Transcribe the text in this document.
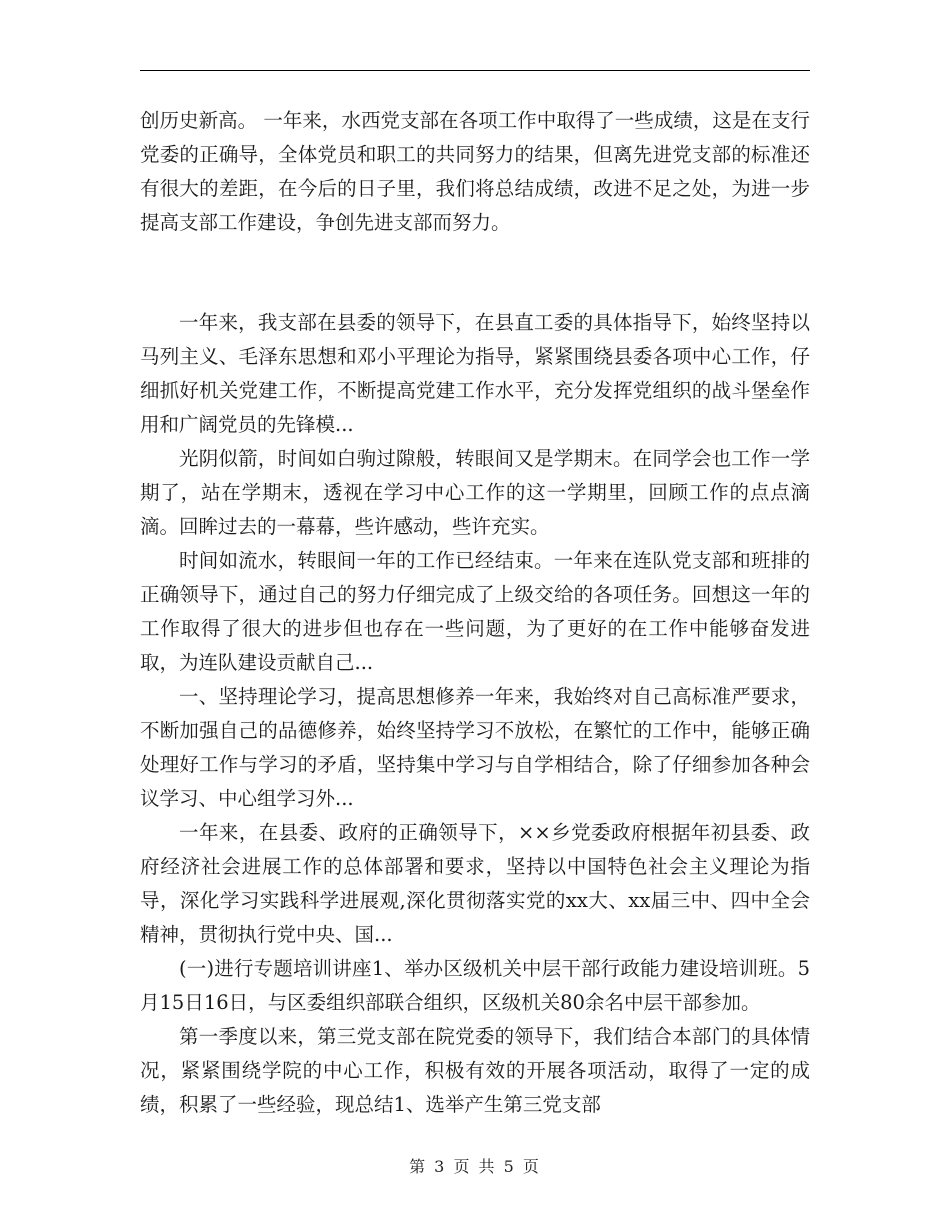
创历史新高。 一年来，水西党支部在各项工作中取得了一些成绩，这是在支行党委的正确导，全体党员和职工的共同努力的结果，但离先进党支部的标准还有很大的差距，在今后的日子里，我们将总结成绩，改进不足之处，为进一步提高支部工作建设，争创先进支部而努力。

一年来，我支部在县委的领导下，在县直工委的具体指导下，始终坚持以马列主义、毛泽东思想和邓小平理论为指导，紧紧围绕县委各项中心工作，仔细抓好机关党建工作，不断提高党建工作水平，充分发挥党组织的战斗堡垒作用和广阔党员的先锋模...

光阴似箭，时间如白驹过隙般，转眼间又是学期末。在同学会也工作一学期了，站在学期末，透视在学习中心工作的这一学期里，回顾工作的点点滴滴。回眸过去的一幕幕，些许感动，些许充实。

时间如流水，转眼间一年的工作已经结束。一年来在连队党支部和班排的正确领导下，通过自己的努力仔细完成了上级交给的各项任务。回想这一年的工作取得了很大的进步但也存在一些问题，为了更好的在工作中能够奋发进取，为连队建设贡献自己...

一、坚持理论学习，提高思想修养一年来，我始终对自己高标准严要求，不断加强自己的品德修养，始终坚持学习不放松，在繁忙的工作中，能够正确处理好工作与学习的矛盾，坚持集中学习与自学相结合，除了仔细参加各种会议学习、中心组学习外...

一年来，在县委、政府的正确领导下，××乡党委政府根据年初县委、政府经济社会进展工作的总体部署和要求，坚持以中国特色社会主义理论为指导，深化学习实践科学进展观,深化贯彻落实党的xx大、xx届三中、四中全会精神，贯彻执行党中央、国...

(一)进行专题培训讲座1、举办区级机关中层干部行政能力建设培训班。5月15日16日，与区委组织部联合组织，区级机关80余名中层干部参加。

第一季度以来，第三党支部在院党委的领导下，我们结合本部门的具体情况，紧紧围绕学院的中心工作，积极有效的开展各项活动，取得了一定的成绩，积累了一些经验，现总结1、选举产生第三党支部

第 3 页 共 5 页
